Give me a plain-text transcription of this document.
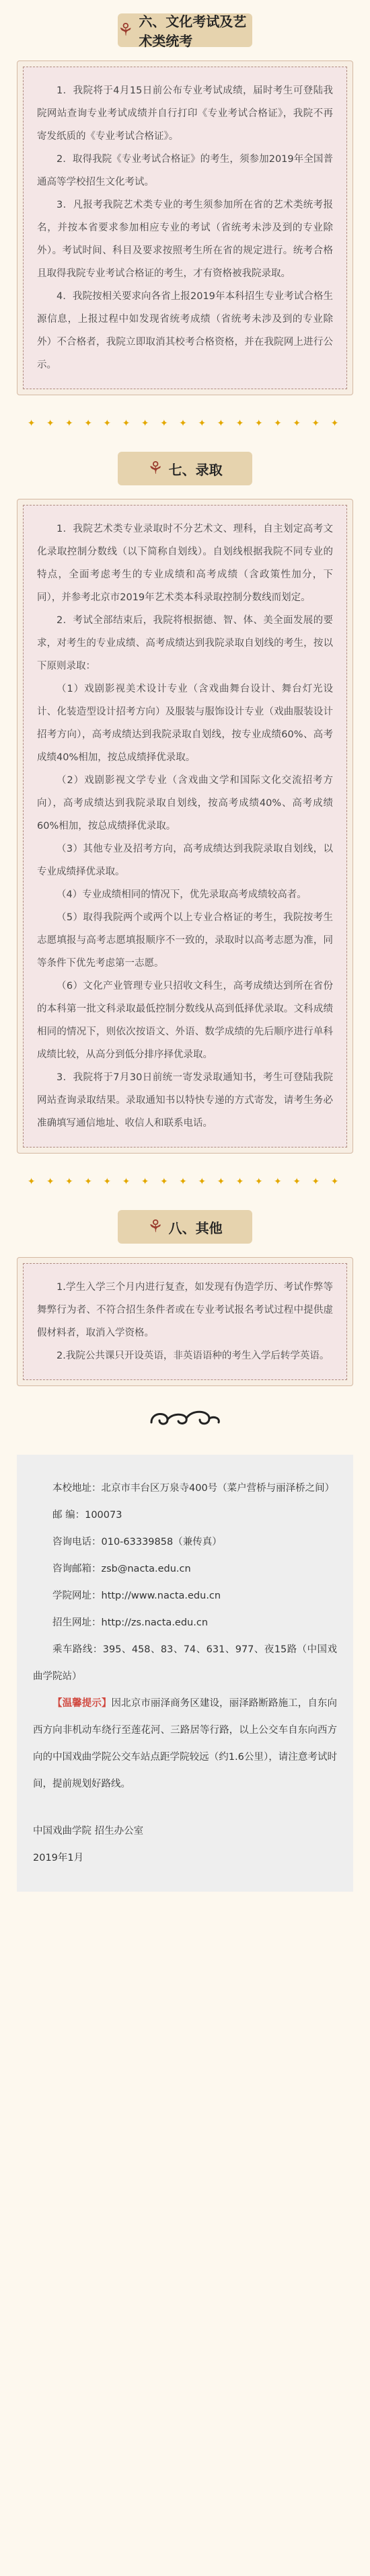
⚘ 六、文化考试及艺术类统考

1．我院将于4月15日前公布专业考试成绩，届时考生可登陆我院网站查询专业考试成绩并自行打印《专业考试合格证》，我院不再寄发纸质的《专业考试合格证》。

2．取得我院《专业考试合格证》的考生，须参加2019年全国普通高等学校招生文化考试。

3．凡报考我院艺术类专业的考生须参加所在省的艺术类统考报名，并按本省要求参加相应专业的考试（省统考未涉及到的专业除外）。考试时间、科目及要求按照考生所在省的规定进行。统考合格且取得我院专业考试合格证的考生，才有资格被我院录取。

4．我院按相关要求向各省上报2019年本科招生专业考试合格生源信息，上报过程中如发现省统考成绩（省统考未涉及到的专业除外）不合格者，我院立即取消其校考合格资格，并在我院网上进行公示。

✦ ✦ ✦ ✦ ✦ ✦ ✦ ✦ ✦ ✦ ✦ ✦ ✦ ✦ ✦ ✦ ✦
⚘ 七、录取

1．我院艺术类专业录取时不分艺术文、理科，自主划定高考文化录取控制分数线（以下简称自划线）。自划线根据我院不同专业的特点，全面考虑考生的专业成绩和高考成绩（含政策性加分，下同），并参考北京市2019年艺术类本科录取控制分数线而划定。

2．考试全部结束后，我院将根据德、智、体、美全面发展的要求，对考生的专业成绩、高考成绩达到我院录取自划线的考生，按以下原则录取：

（1）戏剧影视美术设计专业（含戏曲舞台设计、舞台灯光设计、化装造型设计招考方向）及服装与服饰设计专业（戏曲服装设计招考方向），高考成绩达到我院录取自划线，按专业成绩60%、高考成绩40%相加，按总成绩择优录取。

（2）戏剧影视文学专业（含戏曲文学和国际文化交流招考方向），高考成绩达到我院录取自划线，按高考成绩40%、高考成绩60%相加，按总成绩择优录取。

（3）其他专业及招考方向，高考成绩达到我院录取自划线，以专业成绩择优录取。

（4）专业成绩相同的情况下，优先录取高考成绩较高者。

（5）取得我院两个或两个以上专业合格证的考生，我院按考生志愿填报与高考志愿填报顺序不一致的，录取时以高考志愿为准，同等条件下优先考虑第一志愿。

（6）文化产业管理专业只招收文科生，高考成绩达到所在省份的本科第一批文科录取最低控制分数线从高到低择优录取。文科成绩相同的情况下，则依次按语文、外语、数学成绩的先后顺序进行单科成绩比较，从高分到低分排序择优录取。

3．我院将于7月30日前统一寄发录取通知书，考生可登陆我院网站查询录取结果。录取通知书以特快专递的方式寄发，请考生务必准确填写通信地址、收信人和联系电话。

✦ ✦ ✦ ✦ ✦ ✦ ✦ ✦ ✦ ✦ ✦ ✦ ✦ ✦ ✦ ✦ ✦
⚘ 八、其他

1.学生入学三个月内进行复查，如发现有伪造学历、考试作弊等舞弊行为者、不符合招生条件者或在专业考试报名考试过程中提供虚假材料者，取消入学资格。

2.我院公共课只开设英语，非英语语种的考生入学后转学英语。

本校地址：北京市丰台区万泉寺400号（菜户营桥与丽泽桥之间）

邮 编：100073

咨询电话：010-63339858（兼传真）

咨询邮箱：zsb@nacta.edu.cn

学院网址：http://www.nacta.edu.cn

招生网址：http://zs.nacta.edu.cn

乘车路线：395、458、83、74、631、977、夜15路（中国戏曲学院站）

【温馨提示】因北京市丽泽商务区建设，丽泽路断路施工，自东向西方向非机动车绕行至莲花河、三路居等行路，以上公交车自东向西方向的中国戏曲学院公交车站点距学院较远（约1.6公里），请注意考试时间，提前规划好路线。

中国戏曲学院 招生办公室

2019年1月
